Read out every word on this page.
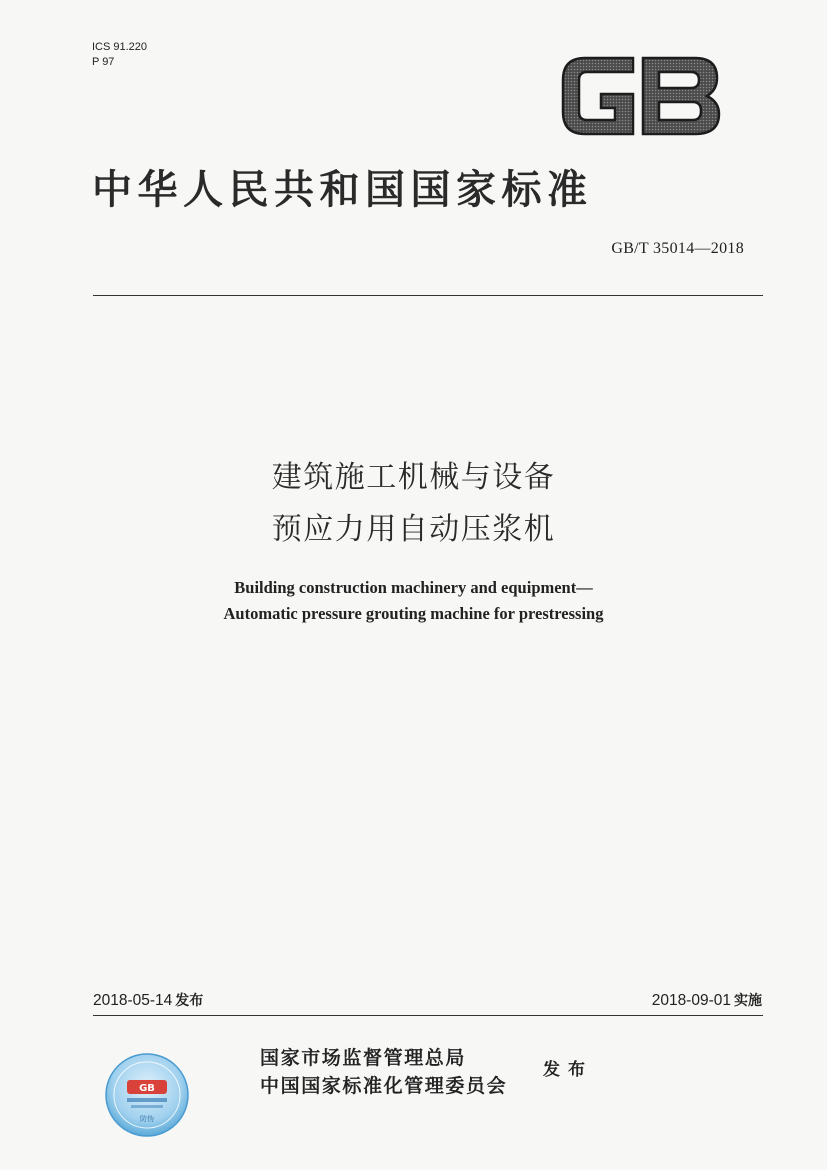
ICS 91.220
P 97
中华人民共和国国家标准
GB/T 35014—2018
建筑施工机械与设备
预应力用自动压浆机
Building construction machinery and equipment—
Automatic pressure grouting machine for prestressing
2018-05-14 发布	2018-09-01 实施
国家市场监督管理总局
中国国家标准化管理委员会
发布
GB
防伪
